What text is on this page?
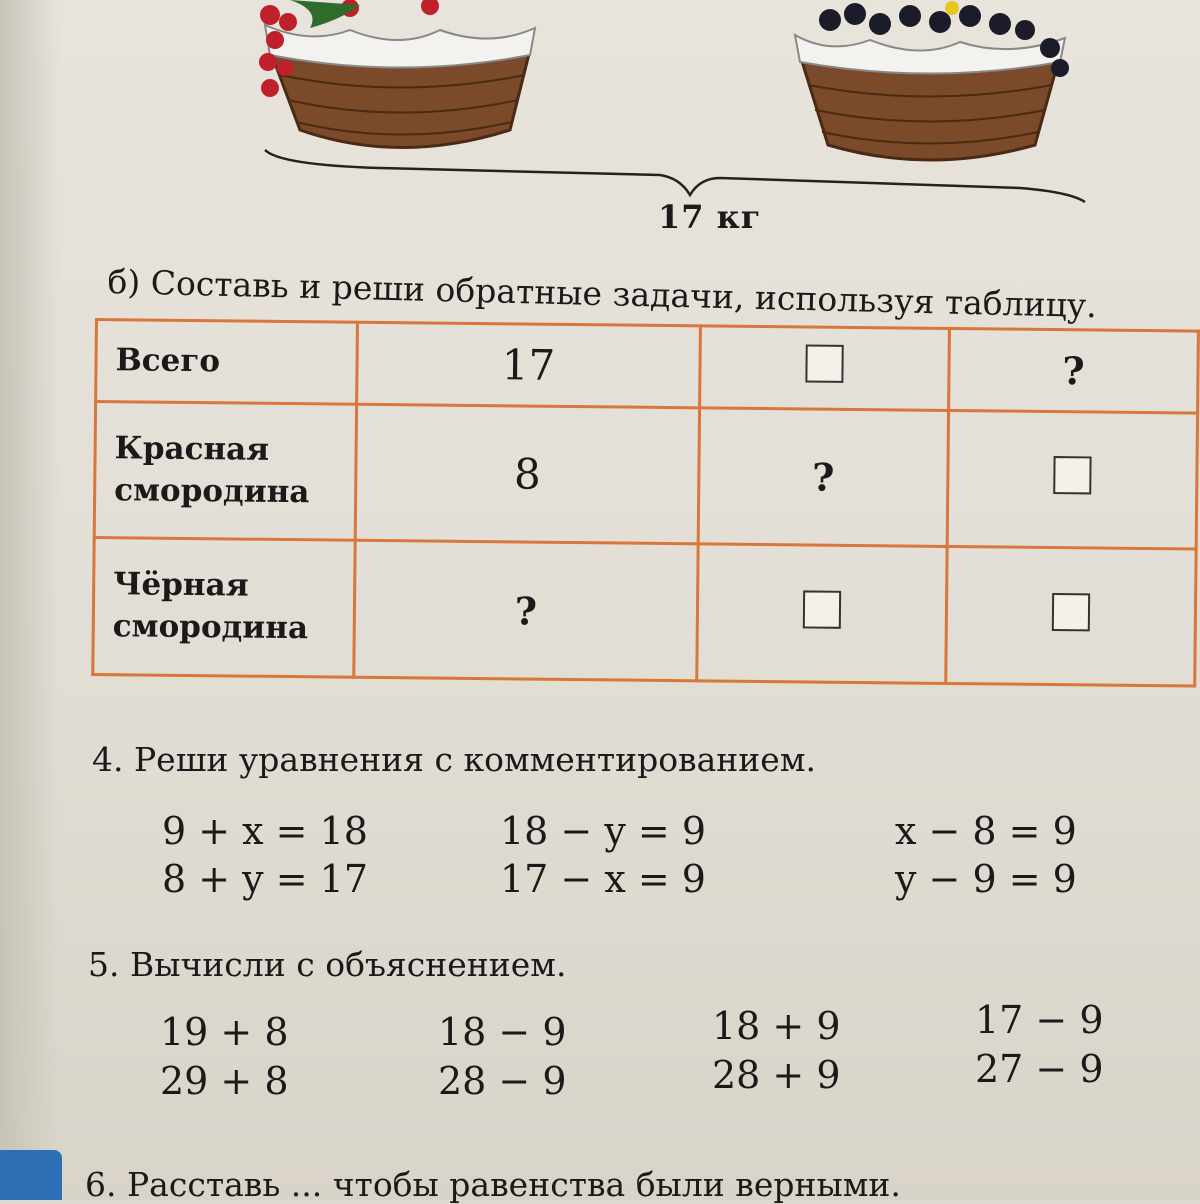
17 кг
б) Составь и реши обратные задачи, используя таблицу.
Всего	17		?

Красная
смородина	8	?	

Чёрная
смородина	?		
4. Реши уравнения с комментированием.
9 + x = 18
8 + y = 17
18 − y = 9
17 − x = 9
x − 8 = 9
y − 9 = 9
5. Вычисли с объяснением.
19 + 8
29 + 8
18 − 9
28 − 9
18 + 9
28 + 9
17 − 9
27 − 9
6. Расставь ... чтобы равенства были верными.
